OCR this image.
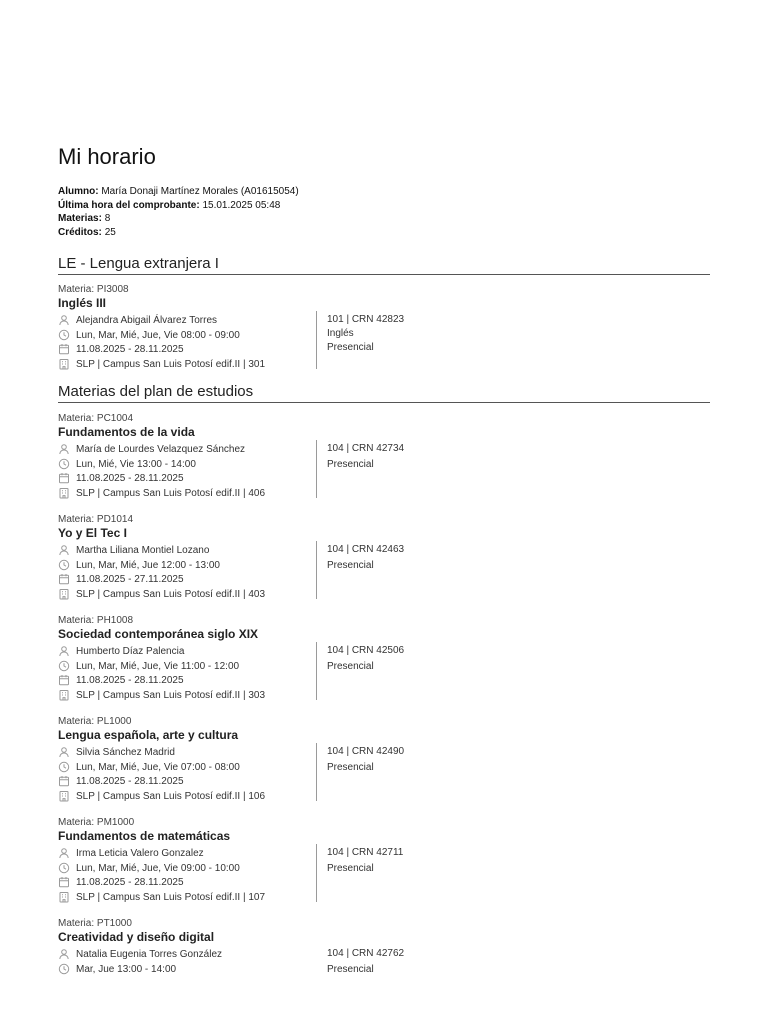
Mi horario
Alumno: María Donaji Martínez Morales (A01615054)
Última hora del comprobante: 15.01.2025 05:48
Materias: 8
Créditos: 25
LE - Lengua extranjera I
Materia: PI3008
Inglés III
Alejandra Abigail Álvarez Torres
Lun, Mar, Mié, Jue, Vie 08:00 - 09:00
11.08.2025 - 28.11.2025
SLP | Campus San Luis Potosí edif.II | 301
101 | CRN 42823
Inglés
Presencial
Materias del plan de estudios
Materia: PC1004
Fundamentos de la vida
María de Lourdes Velazquez Sánchez
Lun, Mié, Vie 13:00 - 14:00
11.08.2025 - 28.11.2025
SLP | Campus San Luis Potosí edif.II | 406
104 | CRN 42734
Presencial
Materia: PD1014
Yo y El Tec I
Martha Liliana Montiel Lozano
Lun, Mar, Mié, Jue 12:00 - 13:00
11.08.2025 - 27.11.2025
SLP | Campus San Luis Potosí edif.II | 403
104 | CRN 42463
Presencial
Materia: PH1008
Sociedad contemporánea siglo XIX
Humberto Díaz Palencia
Lun, Mar, Mié, Jue, Vie 11:00 - 12:00
11.08.2025 - 28.11.2025
SLP | Campus San Luis Potosí edif.II | 303
104 | CRN 42506
Presencial
Materia: PL1000
Lengua española, arte y cultura
Silvia Sánchez Madrid
Lun, Mar, Mié, Jue, Vie 07:00 - 08:00
11.08.2025 - 28.11.2025
SLP | Campus San Luis Potosí edif.II | 106
104 | CRN 42490
Presencial
Materia: PM1000
Fundamentos de matemáticas
Irma Leticia Valero Gonzalez
Lun, Mar, Mié, Jue, Vie 09:00 - 10:00
11.08.2025 - 28.11.2025
SLP | Campus San Luis Potosí edif.II | 107
104 | CRN 42711
Presencial
Materia: PT1000
Creatividad y diseño digital
Natalia Eugenia Torres González
Mar, Jue 13:00 - 14:00
104 | CRN 42762
Presencial
